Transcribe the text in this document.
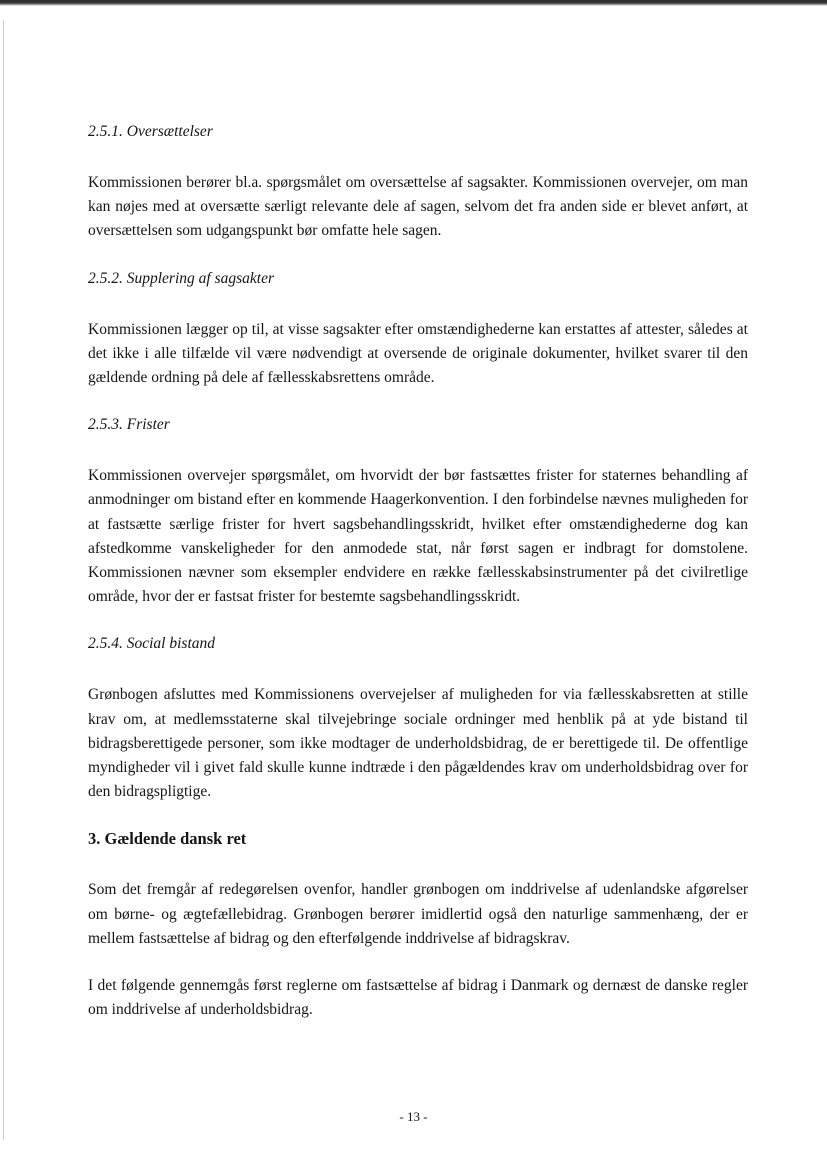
2.5.1. Oversættelser

Kommissionen berører bl.a. spørgsmålet om oversættelse af sagsakter. Kommissionen overvejer, om man kan nøjes med at oversætte særligt relevante dele af sagen, selvom det fra anden side er blevet anført, at oversættelsen som udgangspunkt bør omfatte hele sagen.

2.5.2. Supplering af sagsakter

Kommissionen lægger op til, at visse sagsakter efter omstændighederne kan erstattes af attester, således at det ikke i alle tilfælde vil være nødvendigt at oversende de originale dokumenter, hvilket svarer til den gældende ordning på dele af fællesskabsrettens område.

2.5.3. Frister

Kommissionen overvejer spørgsmålet, om hvorvidt der bør fastsættes frister for staternes behandling af anmodninger om bistand efter en kommende Haagerkonvention. I den forbindelse nævnes muligheden for at fastsætte særlige frister for hvert sagsbehandlingsskridt, hvilket efter omstændighederne dog kan afstedkomme vanskeligheder for den anmodede stat, når først sagen er indbragt for domstolene. Kommissionen nævner som eksempler endvidere en række fællesskabsinstrumenter på det civilretlige område, hvor der er fastsat frister for bestemte sagsbehandlingsskridt.

2.5.4. Social bistand

Grønbogen afsluttes med Kommissionens overvejelser af muligheden for via fællesskabsretten at stille krav om, at medlemsstaterne skal tilvejebringe sociale ordninger med henblik på at yde bistand til bidragsberettigede personer, som ikke modtager de underholdsbidrag, de er berettigede til. De offentlige myndigheder vil i givet fald skulle kunne indtræde i den pågældendes krav om underholdsbidrag over for den bidragspligtige.

3. Gældende dansk ret

Som det fremgår af redegørelsen ovenfor, handler grønbogen om inddrivelse af udenlandske afgørelser om børne- og ægtefællebidrag. Grønbogen berører imidlertid også den naturlige sammenhæng, der er mellem fastsættelse af bidrag og den efterfølgende inddrivelse af bidragskrav.

I det følgende gennemgås først reglerne om fastsættelse af bidrag i Danmark og dernæst de danske regler om inddrivelse af underholdsbidrag.

- 13 -
